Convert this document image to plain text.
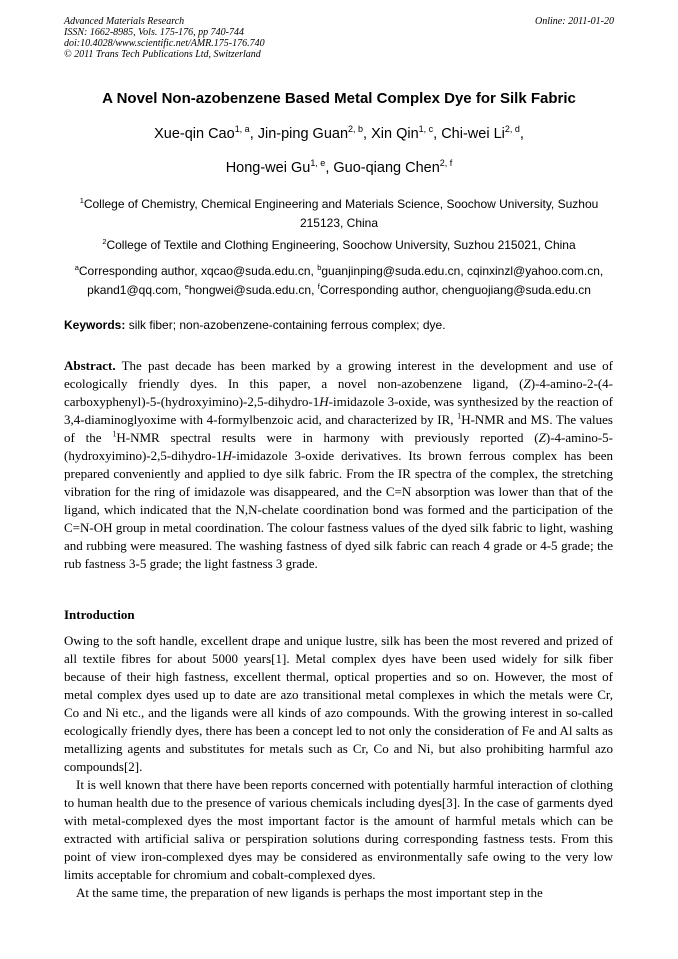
Advanced Materials Research
ISSN: 1662-8985, Vols. 175-176, pp 740-744
doi:10.4028/www.scientific.net/AMR.175-176.740
© 2011 Trans Tech Publications Ltd, Switzerland
Online: 2011-01-20
A Novel Non-azobenzene Based Metal Complex Dye for Silk Fabric
Xue-qin Cao$^{1, a}$, Jin-ping Guan$^{2, b}$, Xin Qin$^{1, c}$, Chi-wei Li$^{2, d}$,
Hong-wei Gu$^{1, e}$, Guo-qiang Chen$^{2, f}$
$^1$College of Chemistry, Chemical Engineering and Materials Science, Soochow University, Suzhou 215123, China
$^2$College of Textile and Clothing Engineering, Soochow University, Suzhou 215021, China
$^a$Corresponding author, xqcao@suda.edu.cn, $^b$guanjinping@suda.edu.cn, cqinxinzl@yahoo.com.cn,
pkand1@qq.com, $^e$hongwei@suda.edu.cn, $^f$Corresponding author, chenguojiang@suda.edu.cn
Keywords: silk fiber; non-azobenzene-containing ferrous complex; dye.
Abstract. The past decade has been marked by a growing interest in the development and use of ecologically friendly dyes. In this paper, a novel non-azobenzene ligand, (Z)-4-amino-2-(4-carboxyphenyl)-5-(hydroxyimino)-2,5-dihydro-1H-imidazole 3-oxide, was synthesized by the reaction of 3,4-diaminoglyoxime with 4-formylbenzoic acid, and characterized by IR, $^1$H-NMR and MS. The values of the $^1$H-NMR spectral results were in harmony with previously reported (Z)-4-amino-5-(hydroxyimino)-2,5-dihydro-1H-imidazole 3-oxide derivatives. Its brown ferrous complex has been prepared conveniently and applied to dye silk fabric. From the IR spectra of the complex, the stretching vibration for the ring of imidazole was disappeared, and the C=N absorption was lower than that of the ligand, which indicated that the N,N-chelate coordination bond was formed and the participation of the C=N-OH group in metal coordination. The colour fastness values of the dyed silk fabric to light, washing and rubbing were measured. The washing fastness of dyed silk fabric can reach 4 grade or 4-5 grade; the rub fastness 3-5 grade; the light fastness 3 grade.
Introduction

Owing to the soft handle, excellent drape and unique lustre, silk has been the most revered and prized of all textile fibres for about 5000 years[1]. Metal complex dyes have been used widely for silk fiber because of their high fastness, excellent thermal, optical properties and so on. However, the most of metal complex dyes used up to date are azo transitional metal complexes in which the metals were Cr, Co and Ni etc., and the ligands were all kinds of azo compounds. With the growing interest in so-called ecologically friendly dyes, there has been a concept led to not only the consideration of Fe and Al salts as metallizing agents and substitutes for metals such as Cr, Co and Ni, but also prohibiting harmful azo compounds[2].

It is well known that there have been reports concerned with potentially harmful interaction of clothing to human health due to the presence of various chemicals including dyes[3]. In the case of garments dyed with metal-complexed dyes the most important factor is the amount of harmful metals which can be extracted with artificial saliva or perspiration solutions during corresponding fastness tests. From this point of view iron-complexed dyes may be considered as environmentally safe owing to the very low limits acceptable for chromium and cobalt-complexed dyes.

At the same time, the preparation of new ligands is perhaps the most important step in the
